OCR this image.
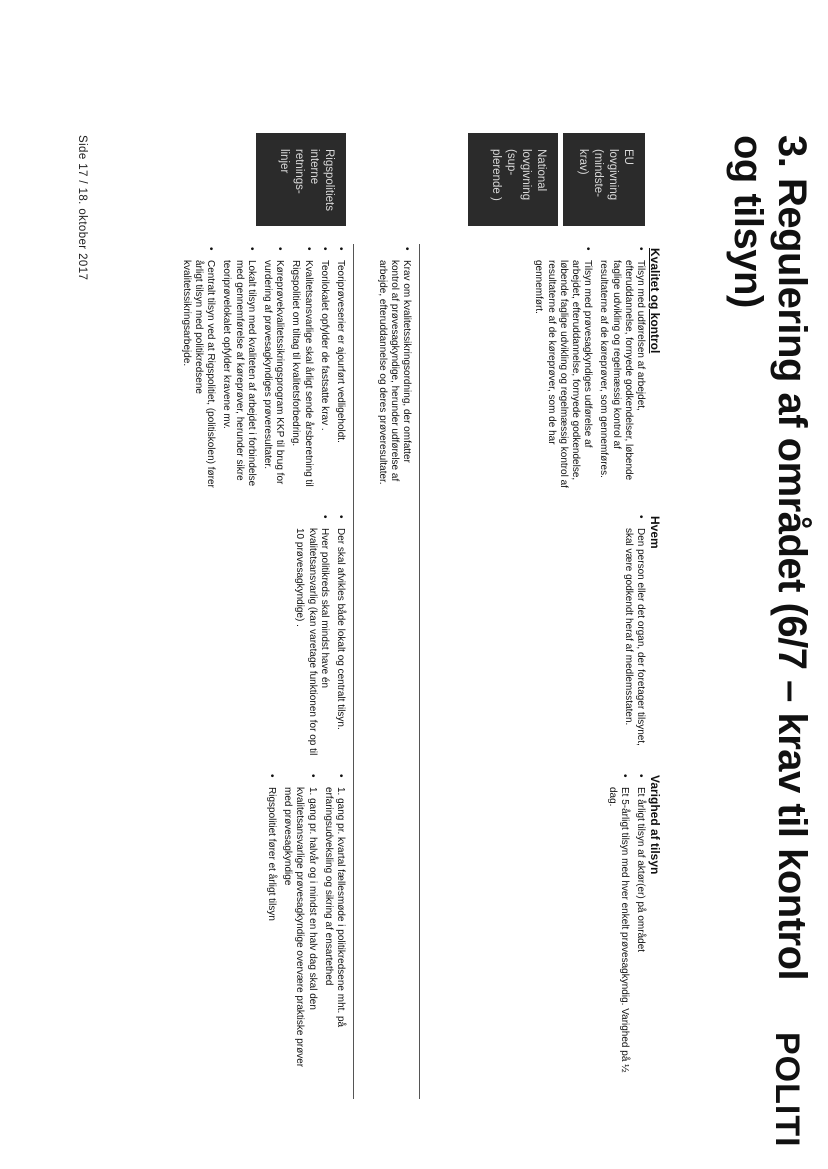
3. Regulering af området (6/7 – krav til kontrol og tilsyn)
POLITI
Kvalitet og kontrol
Hvem
Varighed af tilsyn
EU
lovgivning
(mindste-
krav)
• Tilsyn med udførelsen af arbejdet, efteruddannelse, fornyede godkendelser, løbende faglige udvikling og regelmæssig kontrol af resultaterne af de køreprøver, som gennemføres.
• Tilsyn med prøvesagkyndiges udførelse af arbejdet, efteruddannelse, fornyede godkendelse, løbende faglige udvikling og regelmæssig kontrol af resultaterne af de køreprøver, som de har gennemført.
• Den person eller det organ, der foretager tilsynet, skal være godkendt heraf af medlemsstaten.
• Et årligt tilsyn af aktør(er) på området
• Et 5-årligt tilsyn med hver enkelt prøvesagkyndig. Varighed på ½ dag.
National
lovgivning
(sup-
plerende )
• Krav om kvalitetssikringsordning, der omfatter kontrol af prøvesagkyndige, herunder udførelse af arbejde, efteruddannelse og deres prøveresultater.
Rigspolitiets
interne
retnings-
linjer
• Teoriprøveserier er ajourført vedligeholdt.
• Teorilokalet opfylder de fastsatte krav .
• Kvalitetsansvarlige skal årligt sende årsberetning til Rigspolitiet om tiltag til kvalitetsforbedring.
• Køreprøvekvalitetssikringsprogram KKP til brug for vurdering af prøvesagkyndiges prøveresultater.
• Lokalt tilsyn med kvaliteten af arbejdet i forbindelse med gennemførelse af køreprøver, herunder sikre teoriprøvelokalet opfylder kravene mv.
• Centralt tilsyn ved at Rigspolitiet, (politiskolen) fører årligt tilsyn med politikredsene kvalitetssikringsarbejde.
• Der skal afvikles både lokalt og centralt tilsyn.
• Hver politikreds skal mindst have én kvalitetsansvarlig (kan varetage funktionen for op til 10 prøvesagkyndige) .
• 1. gang pr. kvartal fællesmøde i politikredsene mht. på erfaringsudveksling og sikring af ensartethed
• 1. gang pr. halvår og i mindst en halv dag skal den kvalitetsansvarlige prøvesagkyndige overvære praktiske prøver med prøvesagkyndige
• Rigspolitiet fører et årligt tilsyn
Side 17 / 18. oktober 2017
